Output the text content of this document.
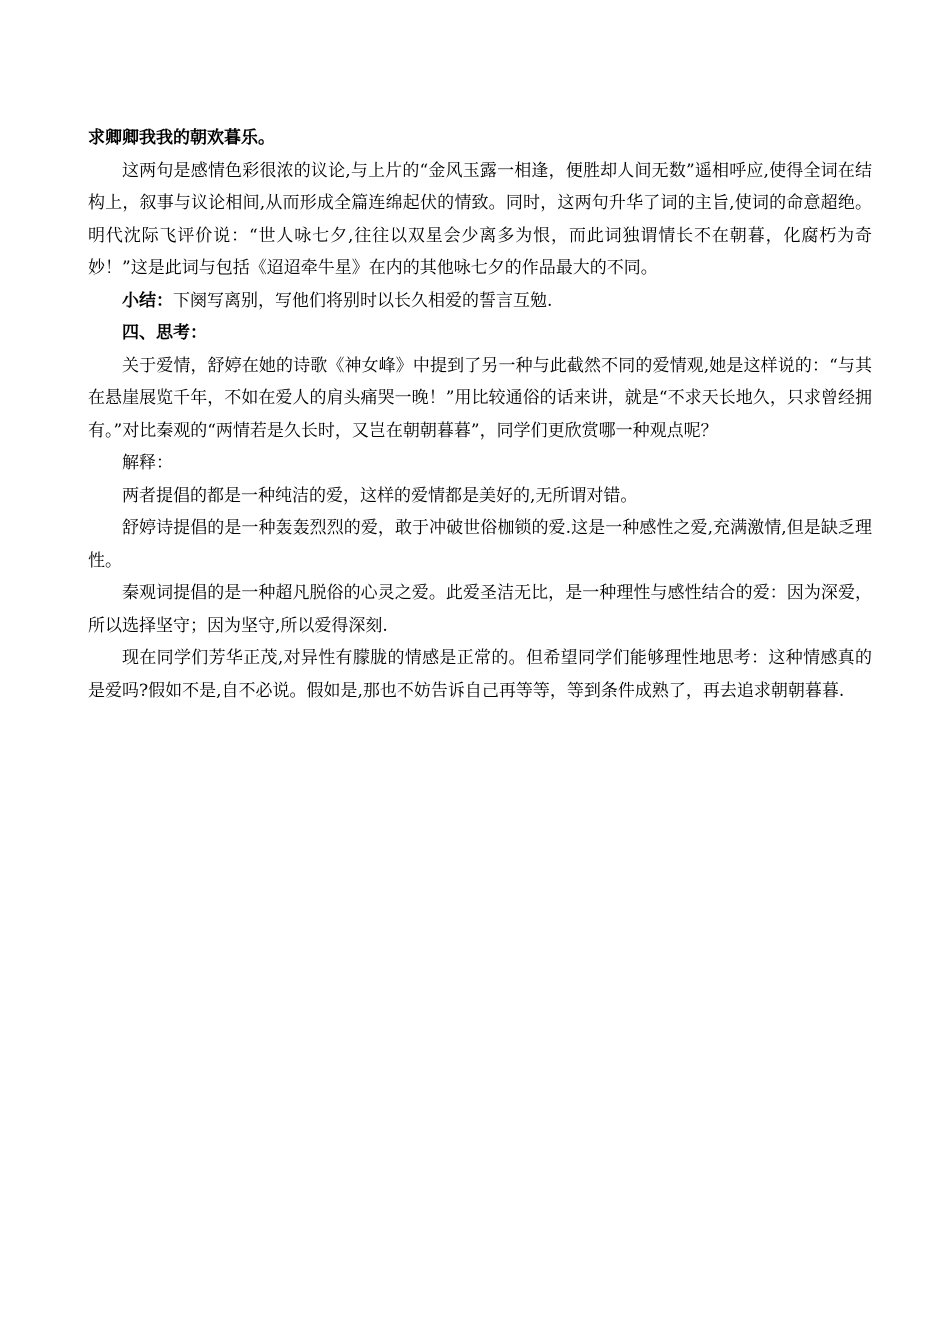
求卿卿我我的朝欢暮乐。

这两句是感情色彩很浓的议论,与上片的“金风玉露一相逢，便胜却人间无数”遥相呼应,使得全词在结构上，叙事与议论相间,从而形成全篇连绵起伏的情致。同时，这两句升华了词的主旨,使词的命意超绝。明代沈际飞评价说：“世人咏七夕,往往以双星会少离多为恨，而此词独谓情长不在朝暮，化腐朽为奇妙！”这是此词与包括《迢迢牵牛星》在内的其他咏七夕的作品最大的不同。

小结：下阕写离别，写他们将别时以长久相爱的誓言互勉.

四、思考：

关于爱情，舒婷在她的诗歌《神女峰》中提到了另一种与此截然不同的爱情观,她是这样说的：“与其在悬崖展览千年，不如在爱人的肩头痛哭一晚！”用比较通俗的话来讲，就是“不求天长地久，只求曾经拥有。”对比秦观的“两情若是久长时，又岂在朝朝暮暮”，同学们更欣赏哪一种观点呢？

解释：

两者提倡的都是一种纯洁的爱，这样的爱情都是美好的,无所谓对错。

舒婷诗提倡的是一种轰轰烈烈的爱，敢于冲破世俗枷锁的爱.这是一种感性之爱,充满激情,但是缺乏理性。

秦观词提倡的是一种超凡脱俗的心灵之爱。此爱圣洁无比，是一种理性与感性结合的爱：因为深爱，所以选择坚守；因为坚守,所以爱得深刻.

现在同学们芳华正茂,对异性有朦胧的情感是正常的。但希望同学们能够理性地思考：这种情感真的是爱吗?假如不是,自不必说。假如是,那也不妨告诉自己再等等，等到条件成熟了，再去追求朝朝暮暮.
